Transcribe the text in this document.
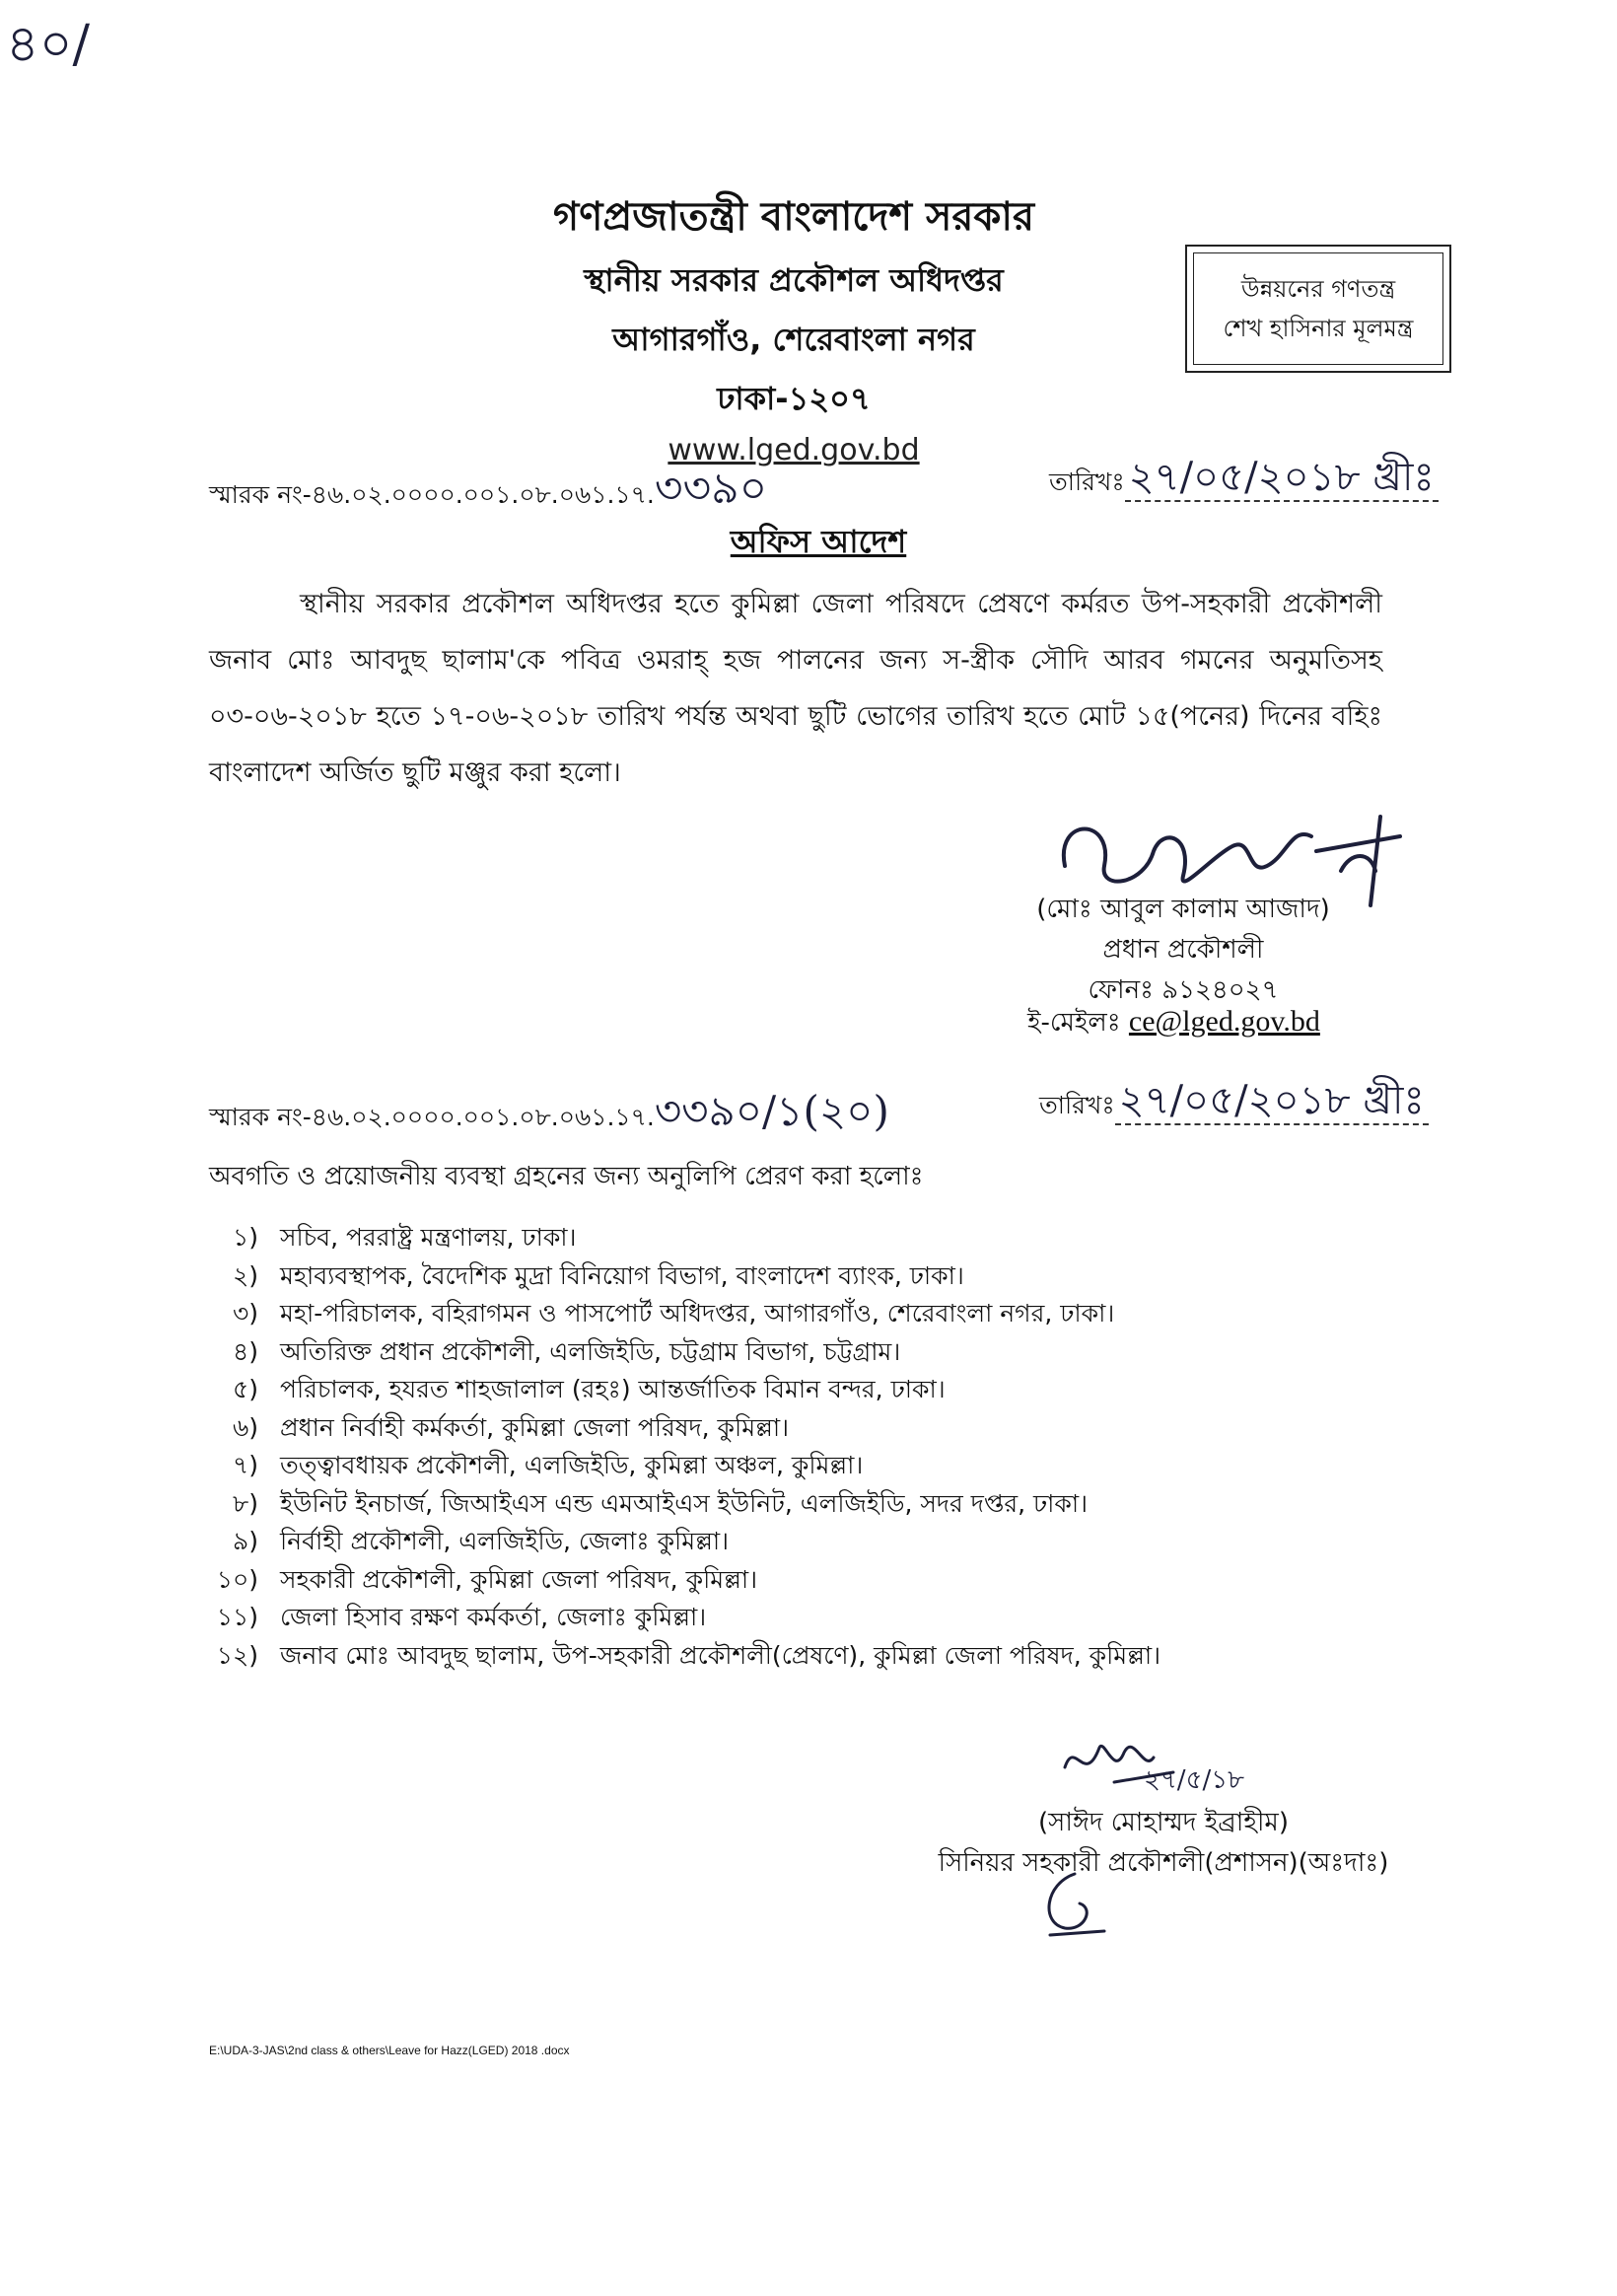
৪০/
গণপ্রজাতন্ত্রী বাংলাদেশ সরকার
স্থানীয় সরকার প্রকৌশল অধিদপ্তর
আগারগাঁও, শেরেবাংলা নগর
ঢাকা-১২০৭
www.lged.gov.bd
উন্নয়নের গণতন্ত্র
শেখ হাসিনার মূলমন্ত্র
স্মারক নং-৪৬.০২.০০০০.০০১.০৮.০৬১.১৭.৩৩৯০	তারিখঃ ২৭/০৫/২০১৮ খ্রীঃ
অফিস আদেশ
স্থানীয় সরকার প্রকৌশল অধিদপ্তর হতে কুমিল্লা জেলা পরিষদে প্রেষণে কর্মরত উপ-সহকারী প্রকৌশলী জনাব মোঃ আবদুছ ছালাম'কে পবিত্র ওমরাহ্ হজ পালনের জন্য স-স্ত্রীক সৌদি আরব গমনের অনুমতিসহ ০৩-০৬-২০১৮ হতে ১৭-০৬-২০১৮ তারিখ পর্যন্ত অথবা ছুটি ভোগের তারিখ হতে মোট ১৫(পনের) দিনের বহিঃ বাংলাদেশ অর্জিত ছুটি মঞ্জুর করা হলো।
(মোঃ আবুল কালাম আজাদ)
প্রধান প্রকৌশলী
ফোনঃ ৯১২৪০২৭
ই-মেইলঃ ce@lged.gov.bd
স্মারক নং-৪৬.০২.০০০০.০০১.০৮.০৬১.১৭.৩৩৯০/১(২০)	তারিখঃ ২৭/০৫/২০১৮ খ্রীঃ
অবগতি ও প্রয়োজনীয় ব্যবস্থা গ্রহনের জন্য অনুলিপি প্রেরণ করা হলোঃ
১) সচিব, পররাষ্ট্র মন্ত্রণালয়, ঢাকা।
২) মহাব্যবস্থাপক, বৈদেশিক মুদ্রা বিনিয়োগ বিভাগ, বাংলাদেশ ব্যাংক, ঢাকা।
৩) মহা-পরিচালক, বহিরাগমন ও পাসপোর্ট অধিদপ্তর, আগারগাঁও, শেরেবাংলা নগর, ঢাকা।
৪) অতিরিক্ত প্রধান প্রকৌশলী, এলজিইডি, চট্টগ্রাম বিভাগ, চট্টগ্রাম।
৫) পরিচালক, হযরত শাহজালাল (রহঃ) আন্তর্জাতিক বিমান বন্দর, ঢাকা।
৬) প্রধান নির্বাহী কর্মকর্তা, কুমিল্লা জেলা পরিষদ, কুমিল্লা।
৭) তত্ত্বাবধায়ক প্রকৌশলী, এলজিইডি, কুমিল্লা অঞ্চল, কুমিল্লা।
৮) ইউনিট ইনচার্জ, জিআইএস এন্ড এমআইএস ইউনিট, এলজিইডি, সদর দপ্তর, ঢাকা।
৯) নির্বাহী প্রকৌশলী, এলজিইডি, জেলাঃ কুমিল্লা।
১০) সহকারী প্রকৌশলী, কুমিল্লা জেলা পরিষদ, কুমিল্লা।
১১) জেলা হিসাব রক্ষণ কর্মকর্তা, জেলাঃ কুমিল্লা।
১২) জনাব মোঃ আবদুছ ছালাম, উপ-সহকারী প্রকৌশলী(প্রেষণে), কুমিল্লা জেলা পরিষদ, কুমিল্লা।
২৭/৫/১৮
(সাঈদ মোহাম্মদ ইব্রাহীম)
সিনিয়র সহকারী প্রকৌশলী(প্রশাসন)(অঃদাঃ)
E:\UDA-3-JAS\2nd class & others\Leave for Hazz(LGED) 2018 .docx
